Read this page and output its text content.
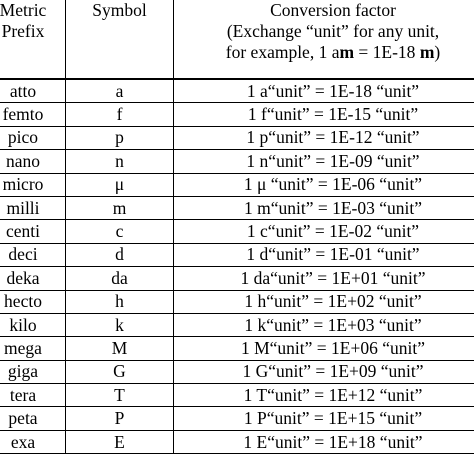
Metric
Prefix	Symbol	Conversion factor
(Exchange “unit” for any unit,
for example, 1 am = 1E-18 m)

atto	a	1 a“unit” = 1E-18 “unit”
femto	f	1 f“unit” = 1E-15 “unit”
pico	p	1 p“unit” = 1E-12 “unit”
nano	n	1 n“unit” = 1E-09 “unit”
micro	μ	1 μ “unit” = 1E-06 “unit”
milli	m	1 m“unit” = 1E-03 “unit”
centi	c	1 c“unit” = 1E-02 “unit”
deci	d	1 d“unit” = 1E-01 “unit”
deka	da	1 da“unit” = 1E+01 “unit”
hecto	h	1 h“unit” = 1E+02 “unit”
kilo	k	1 k“unit” = 1E+03 “unit”
mega	M	1 M“unit” = 1E+06 “unit”
giga	G	1 G“unit” = 1E+09 “unit”
tera	T	1 T“unit” = 1E+12 “unit”
peta	P	1 P“unit” = 1E+15 “unit”
exa	E	1 E“unit” = 1E+18 “unit”
